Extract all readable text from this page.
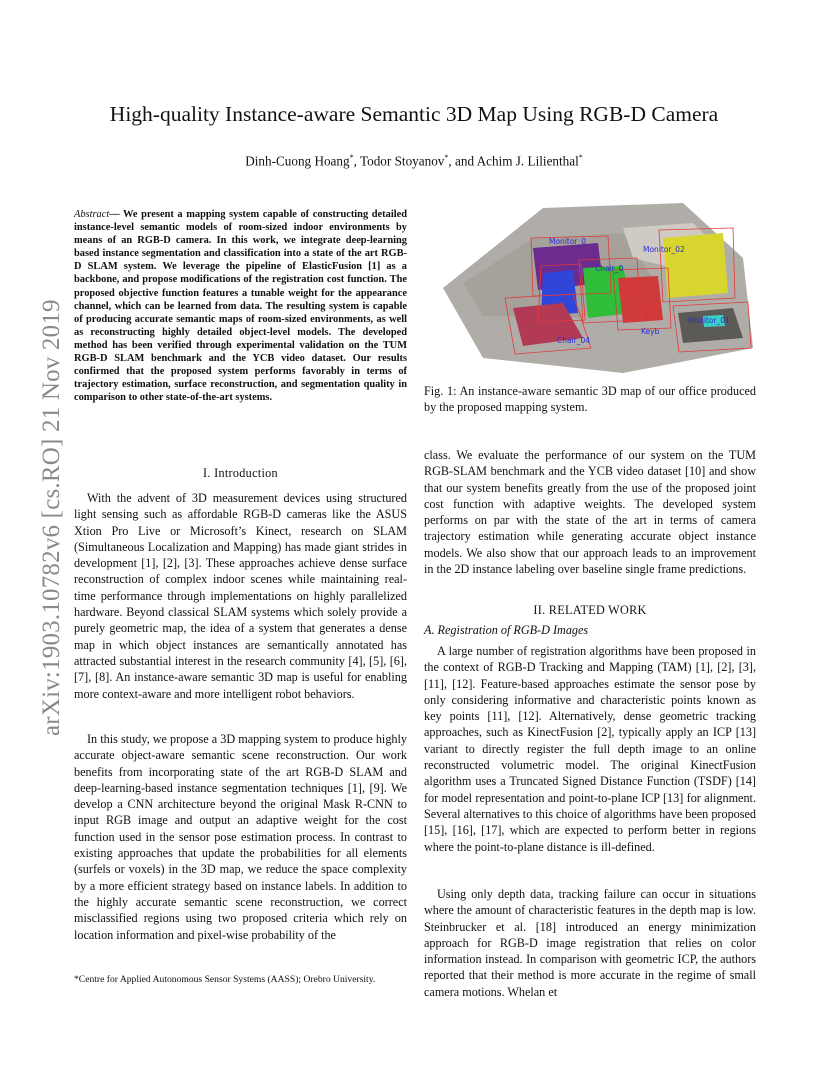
High-quality Instance-aware Semantic 3D Map Using RGB-D Camera
Dinh-Cuong Hoang*, Todor Stoyanov*, and Achim J. Lilienthal*
arXiv:1903.10782v6 [cs.RO] 21 Nov 2019
Abstract— We present a mapping system capable of constructing detailed instance-level semantic models of room-sized indoor environments by means of an RGB-D camera. In this work, we integrate deep-learning based instance segmentation and classification into a state of the art RGB-D SLAM system. We leverage the pipeline of ElasticFusion [1] as a backbone, and propose modifications of the registration cost function. The proposed objective function features a tunable weight for the appearance channel, which can be learned from data. The resulting system is capable of producing accurate semantic maps of room-sized environments, as well as reconstructing highly detailed object-level models. The developed method has been verified through experimental validation on the TUM RGB-D SLAM benchmark and the YCB video dataset. Our results confirmed that the proposed system performs favorably in terms of trajectory estimation, surface reconstruction, and segmentation quality in comparison to other state-of-the-art systems.
I. Introduction

With the advent of 3D measurement devices using structured light sensing such as affordable RGB-D cameras like the ASUS Xtion Pro Live or Microsoft’s Kinect, research on SLAM (Simultaneous Localization and Mapping) has made giant strides in development [1], [2], [3]. These approaches achieve dense surface reconstruction of complex indoor scenes while maintaining real-time performance through implementations on highly parallelized hardware. Beyond classical SLAM systems which solely provide a purely geometric map, the idea of a system that generates a dense map in which object instances are semantically annotated has attracted substantial interest in the research community [4], [5], [6], [7], [8]. An instance-aware semantic 3D map is useful for enabling more context-aware and more intelligent robot behaviors.

In this study, we propose a 3D mapping system to produce highly accurate object-aware semantic scene reconstruction. Our work benefits from incorporating state of the art RGB-D SLAM and deep-learning-based instance segmentation techniques [1], [9]. We develop a CNN architecture beyond the original Mask R-CNN to input RGB image and output an adaptive weight for the cost function used in the sensor pose estimation process. In contrast to existing approaches that update the probabilities for all elements (surfels or voxels) in the 3D map, we reduce the space complexity by a more efficient strategy based on instance labels. In addition to the highly accurate semantic scene reconstruction, we correct misclassified regions using two proposed criteria which rely on location information and pixel-wise probability of the

*Centre for Applied Autonomous Sensor Systems (AASS); Orebro University.
Monitor_0
Monitor_02
Chair_0
Keyb
Monitor_01
Chair_04
Fig. 1: An instance-aware semantic 3D map of our office produced by the proposed mapping system.

class. We evaluate the performance of our system on the TUM RGB-SLAM benchmark and the YCB video dataset [10] and show that our system benefits greatly from the use of the proposed joint cost function with adaptive weights. The developed system performs on par with the state of the art in terms of camera trajectory estimation while generating accurate object instance models. We also show that our approach leads to an improvement in the 2D instance labeling over baseline single frame predictions.

II. RELATED WORK
A. Registration of RGB-D Images

A large number of registration algorithms have been proposed in the context of RGB-D Tracking and Mapping (TAM) [1], [2], [3], [11], [12]. Feature-based approaches estimate the sensor pose by only considering informative and characteristic points known as key points [11], [12]. Alternatively, dense geometric tracking approaches, such as KinectFusion [2], typically apply an ICP [13] variant to directly register the full depth image to an online reconstructed volumetric model. The original KinectFusion algorithm uses a Truncated Signed Distance Function (TSDF) [14] for model representation and point-to-plane ICP [13] for alignment. Several alternatives to this choice of algorithms have been proposed [15], [16], [17], which are expected to perform better in regions where the point-to-plane distance is ill-defined.

Using only depth data, tracking failure can occur in situations where the amount of characteristic features in the depth map is low. Steinbrucker et al. [18] introduced an energy minimization approach for RGB-D image registration that relies on color information instead. In comparison with geometric ICP, the authors reported that their method is more accurate in the regime of small camera motions. Whelan et
